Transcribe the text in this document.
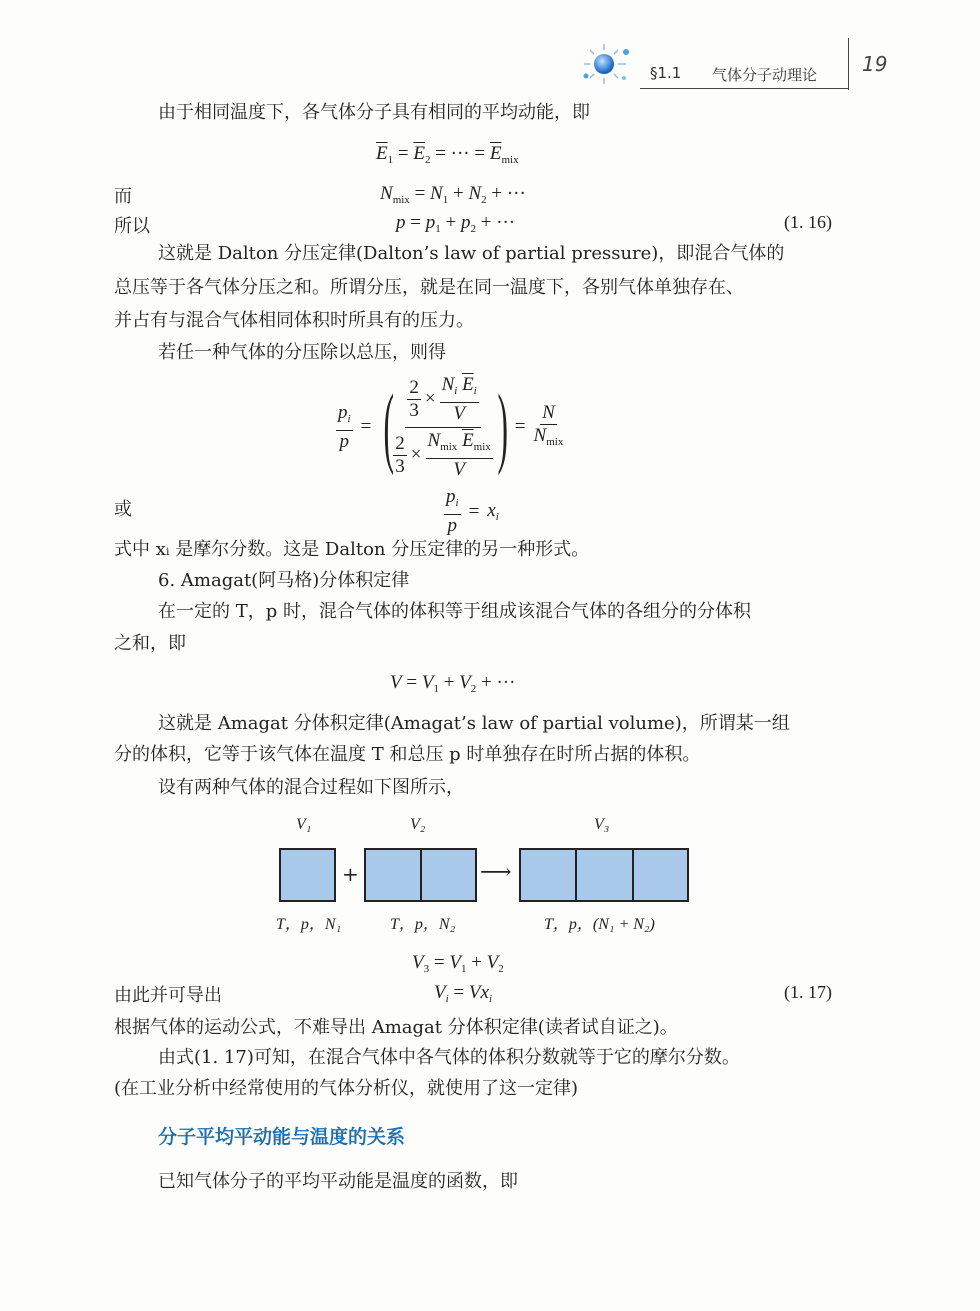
§1.1 气体分子动理论 19
由于相同温度下，各气体分子具有相同的平均动能，即
$\overline{E}_1 = \overline{E}_2$ = ··· = $\overline{E}_{mix}$
而	$N_{mix} = N_1 + N_2$ + ···
所以	$p = p_1 + p_2$ + ···	(1. 16)
这就是 Dalton 分压定律(Dalton’s law of partial pressure)，即混合气体的
总压等于各气体分压之和。所谓分压，就是在同一温度下，各别气体单独存在、
并占有与混合气体相同体积时所具有的压力。
若任一种气体的分压除以总压，则得
$\frac{p_i}{p}$ = (
$\frac{\frac{2}{3} \times \frac{N_i \overline{E}_i}{V}}{\frac{2}{3} \times \frac{N_{mix} \overline{E}_{mix}}{V}}$ ) = $\frac{N}{N_{mix}}$
或	$\frac{p_i}{p} = x_i$
式中 xᵢ 是摩尔分数。这是 Dalton 分压定律的另一种形式。
6. Amagat(阿马格)分体积定律
在一定的 T，p 时，混合气体的体积等于组成该混合气体的各组分的分体积
之和，即
$V = V_1 + V_2$ + ···
这就是 Amagat 分体积定律(Amagat’s law of partial volume)，所谓某一组
分的体积，它等于该气体在温度 T 和总压 p 时单独存在时所占据的体积。
设有两种气体的混合过程如下图所示，
V₁	V₂	V₃
+	⟶
T，p，N₁	T，p，N₂	T，p，(N₁ + N₂)
$V_3 = V_1 + V_2$
由此并可导出	$V_i = Vx_i$	(1. 17)
根据气体的运动公式，不难导出 Amagat 分体积定律(读者试自证之)。
由式(1. 17)可知，在混合气体中各气体的体积分数就等于它的摩尔分数。
(在工业分析中经常使用的气体分析仪，就使用了这一定律)
分子平均平动能与温度的关系
已知气体分子的平均平动能是温度的函数，即
